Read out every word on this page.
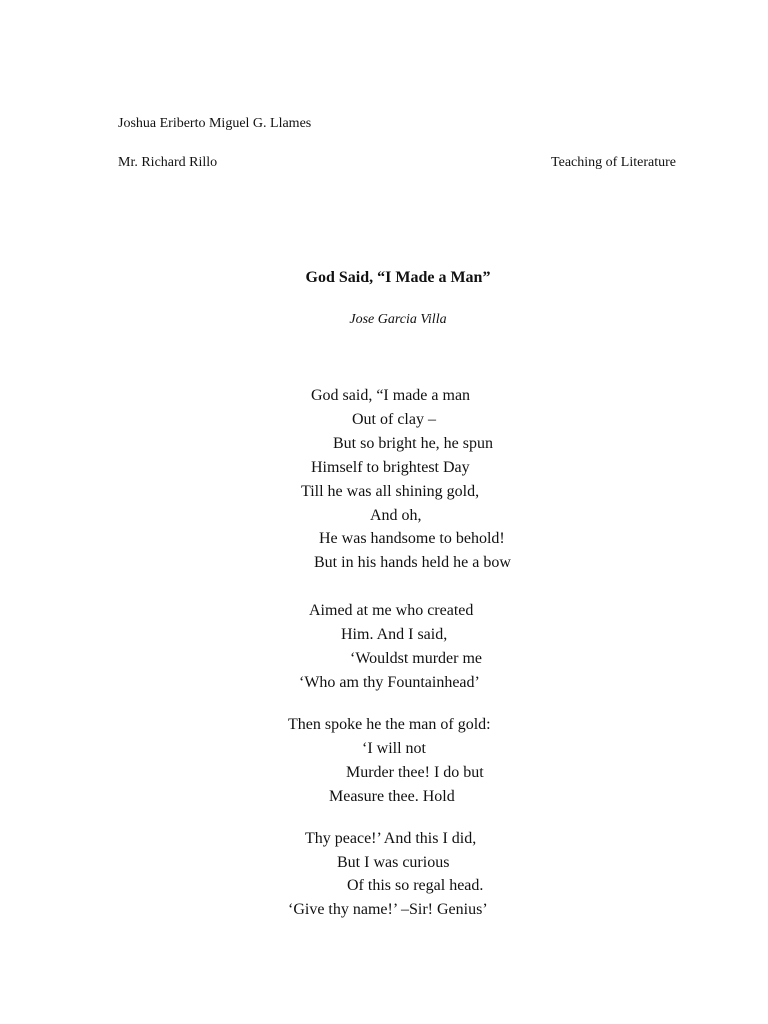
Joshua Eriberto Miguel G. Llames
Mr. Richard Rillo	Teaching of Literature
God Said, “I Made a Man”
Jose Garcia Villa
God said, “I made a man
Out of clay –
But so bright he, he spun
Himself to brightest Day
Till he was all shining gold,
And oh,
He was handsome to behold!
But in his hands held he a bow
Aimed at me who created
Him. And I said,
‘Wouldst murder me
‘Who am thy Fountainhead’
Then spoke he the man of gold:
‘I will not
Murder thee! I do but
Measure thee. Hold
Thy peace!’ And this I did,
But I was curious
Of this so regal head.
‘Give thy name!’ –Sir! Genius’
